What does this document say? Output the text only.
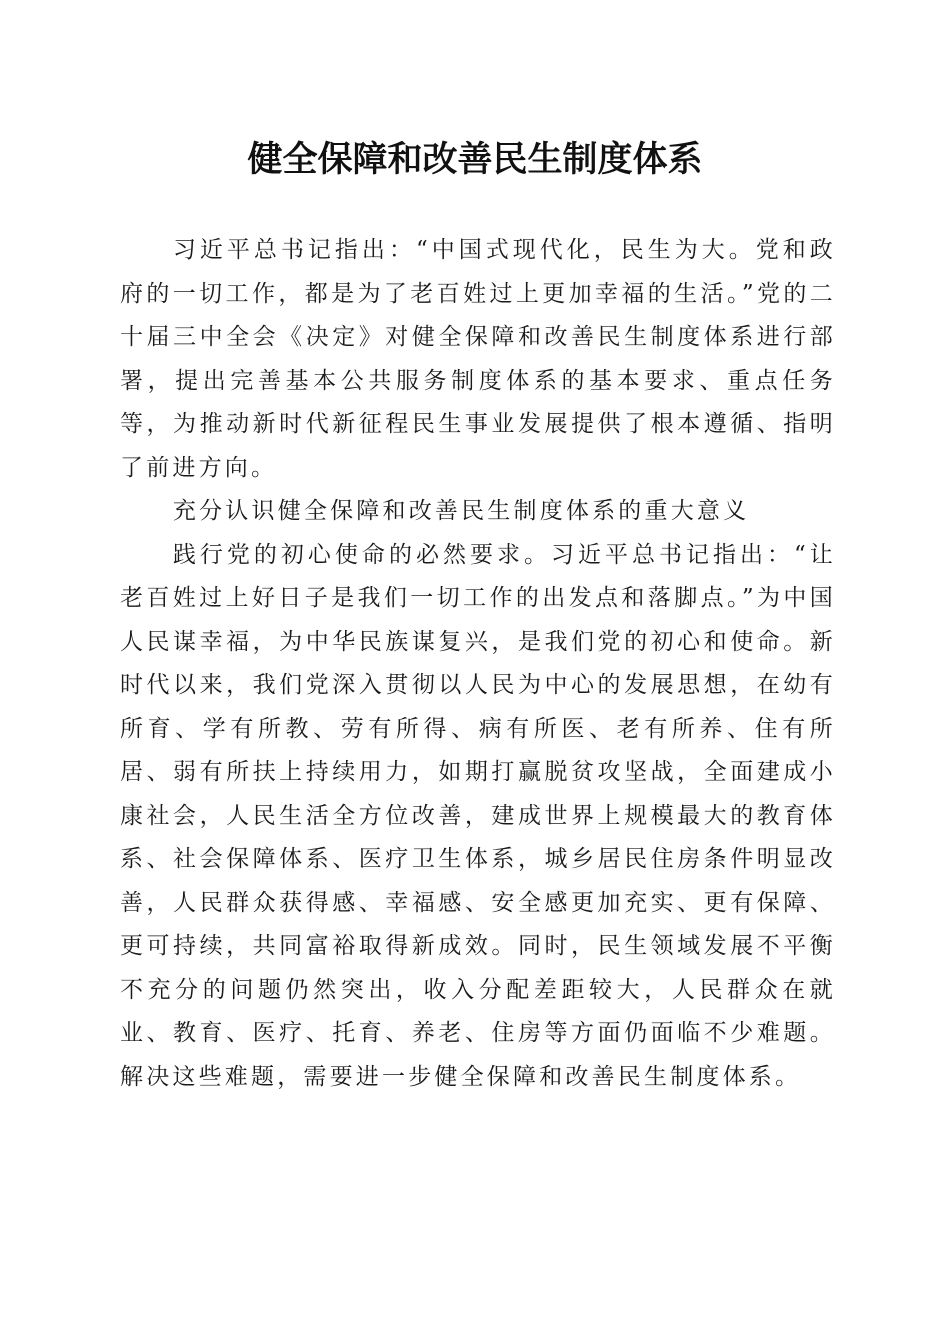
健全保障和改善民生制度体系

习近平总书记指出：“中国式现代化，民生为大。党和政府的一切工作，都是为了老百姓过上更加幸福的生活。”党的二十届三中全会《决定》对健全保障和改善民生制度体系进行部署，提出完善基本公共服务制度体系的基本要求、重点任务等，为推动新时代新征程民生事业发展提供了根本遵循、指明了前进方向。

充分认识健全保障和改善民生制度体系的重大意义

践行党的初心使命的必然要求。习近平总书记指出：“让老百姓过上好日子是我们一切工作的出发点和落脚点。”为中国人民谋幸福，为中华民族谋复兴，是我们党的初心和使命。新时代以来，我们党深入贯彻以人民为中心的发展思想，在幼有所育、学有所教、劳有所得、病有所医、老有所养、住有所居、弱有所扶上持续用力，如期打赢脱贫攻坚战，全面建成小康社会，人民生活全方位改善，建成世界上规模最大的教育体系、社会保障体系、医疗卫生体系，城乡居民住房条件明显改善，人民群众获得感、幸福感、安全感更加充实、更有保障、更可持续，共同富裕取得新成效。同时，民生领域发展不平衡不充分的问题仍然突出，收入分配差距较大，人民群众在就业、教育、医疗、托育、养老、住房等方面仍面临不少难题。解决这些难题，需要进一步健全保障和改善民生制度体系。
